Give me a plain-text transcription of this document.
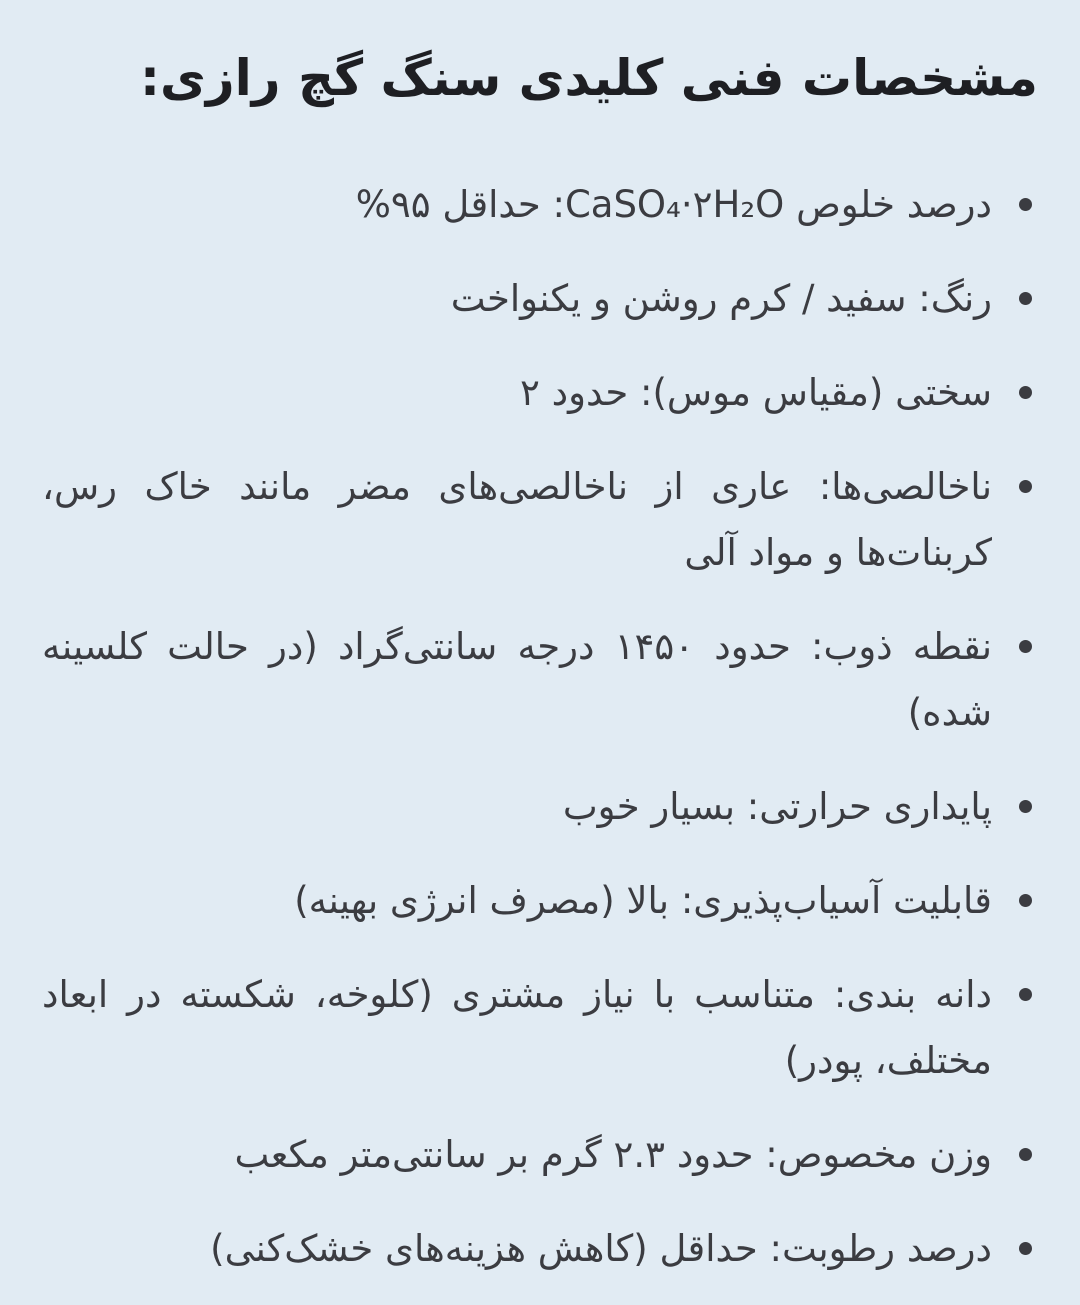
مشخصات فنی کلیدی سنگ گچ رازی:
درصد خلوص CaSO₄·۲H₂O: حداقل ۹۵%
رنگ: سفید / کرم روشن و یکنواخت
سختی (مقیاس موس): حدود ۲
ناخالصی‌ها: عاری از ناخالصی‌های مضر مانند خاک رس، کربنات‌ها و مواد آلی
نقطه ذوب: حدود ۱۴۵۰ درجه سانتی‌گراد (در حالت کلسینه شده)
پایداری حرارتی: بسیار خوب
قابلیت آسیاب‌پذیری: بالا (مصرف انرژی بهینه)
دانه بندی: متناسب با نیاز مشتری (کلوخه، شکسته در ابعاد مختلف، پودر)
وزن مخصوص: حدود ۲.۳ گرم بر سانتی‌متر مکعب
درصد رطوبت: حداقل (کاهش هزینه‌های خشک‌کنی)
